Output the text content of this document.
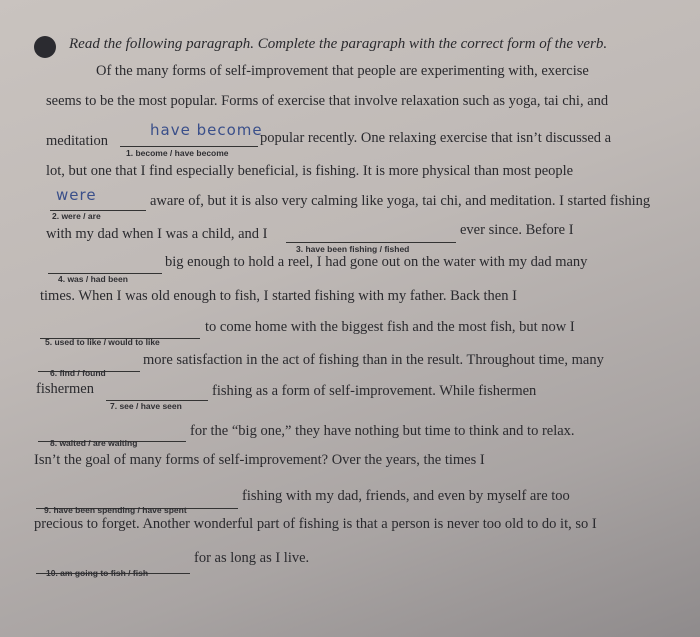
Read the following paragraph. Complete the paragraph with the correct form of the verb.
Of the many forms of self-improvement that people are experimenting with, exercise
seems to be the most popular. Forms of exercise that involve relaxation such as yoga, tai chi, and
meditation
have become
popular recently. One relaxing exercise that isn’t discussed a
1. become / have become
lot, but one that I find especially beneficial, is fishing. It is more physical than most people
were	aware of, but it is also very calming like yoga, tai chi, and meditation. I started fishing
2. were / are
with my dad when I was a child, and I	ever since. Before I
3. have been fishing / fished
big enough to hold a reel, I had gone out on the water with my dad many
4. was / had been
times. When I was old enough to fish, I started fishing with my father. Back then I
to come home with the biggest fish and the most fish, but now I
5. used to like / would to like
more satisfaction in the act of fishing than in the result. Throughout time, many
6. find / found
fishermen	fishing as a form of self-improvement. While fishermen
7. see / have seen
for the “big one,” they have nothing but time to think and to relax.
8. waited / are waiting
Isn’t the goal of many forms of self-improvement? Over the years, the times I
fishing with my dad, friends, and even by myself are too
9. have been spending / have spent
precious to forget. Another wonderful part of fishing is that a person is never too old to do it, so I
for as long as I live.
10. am going to fish / fish
